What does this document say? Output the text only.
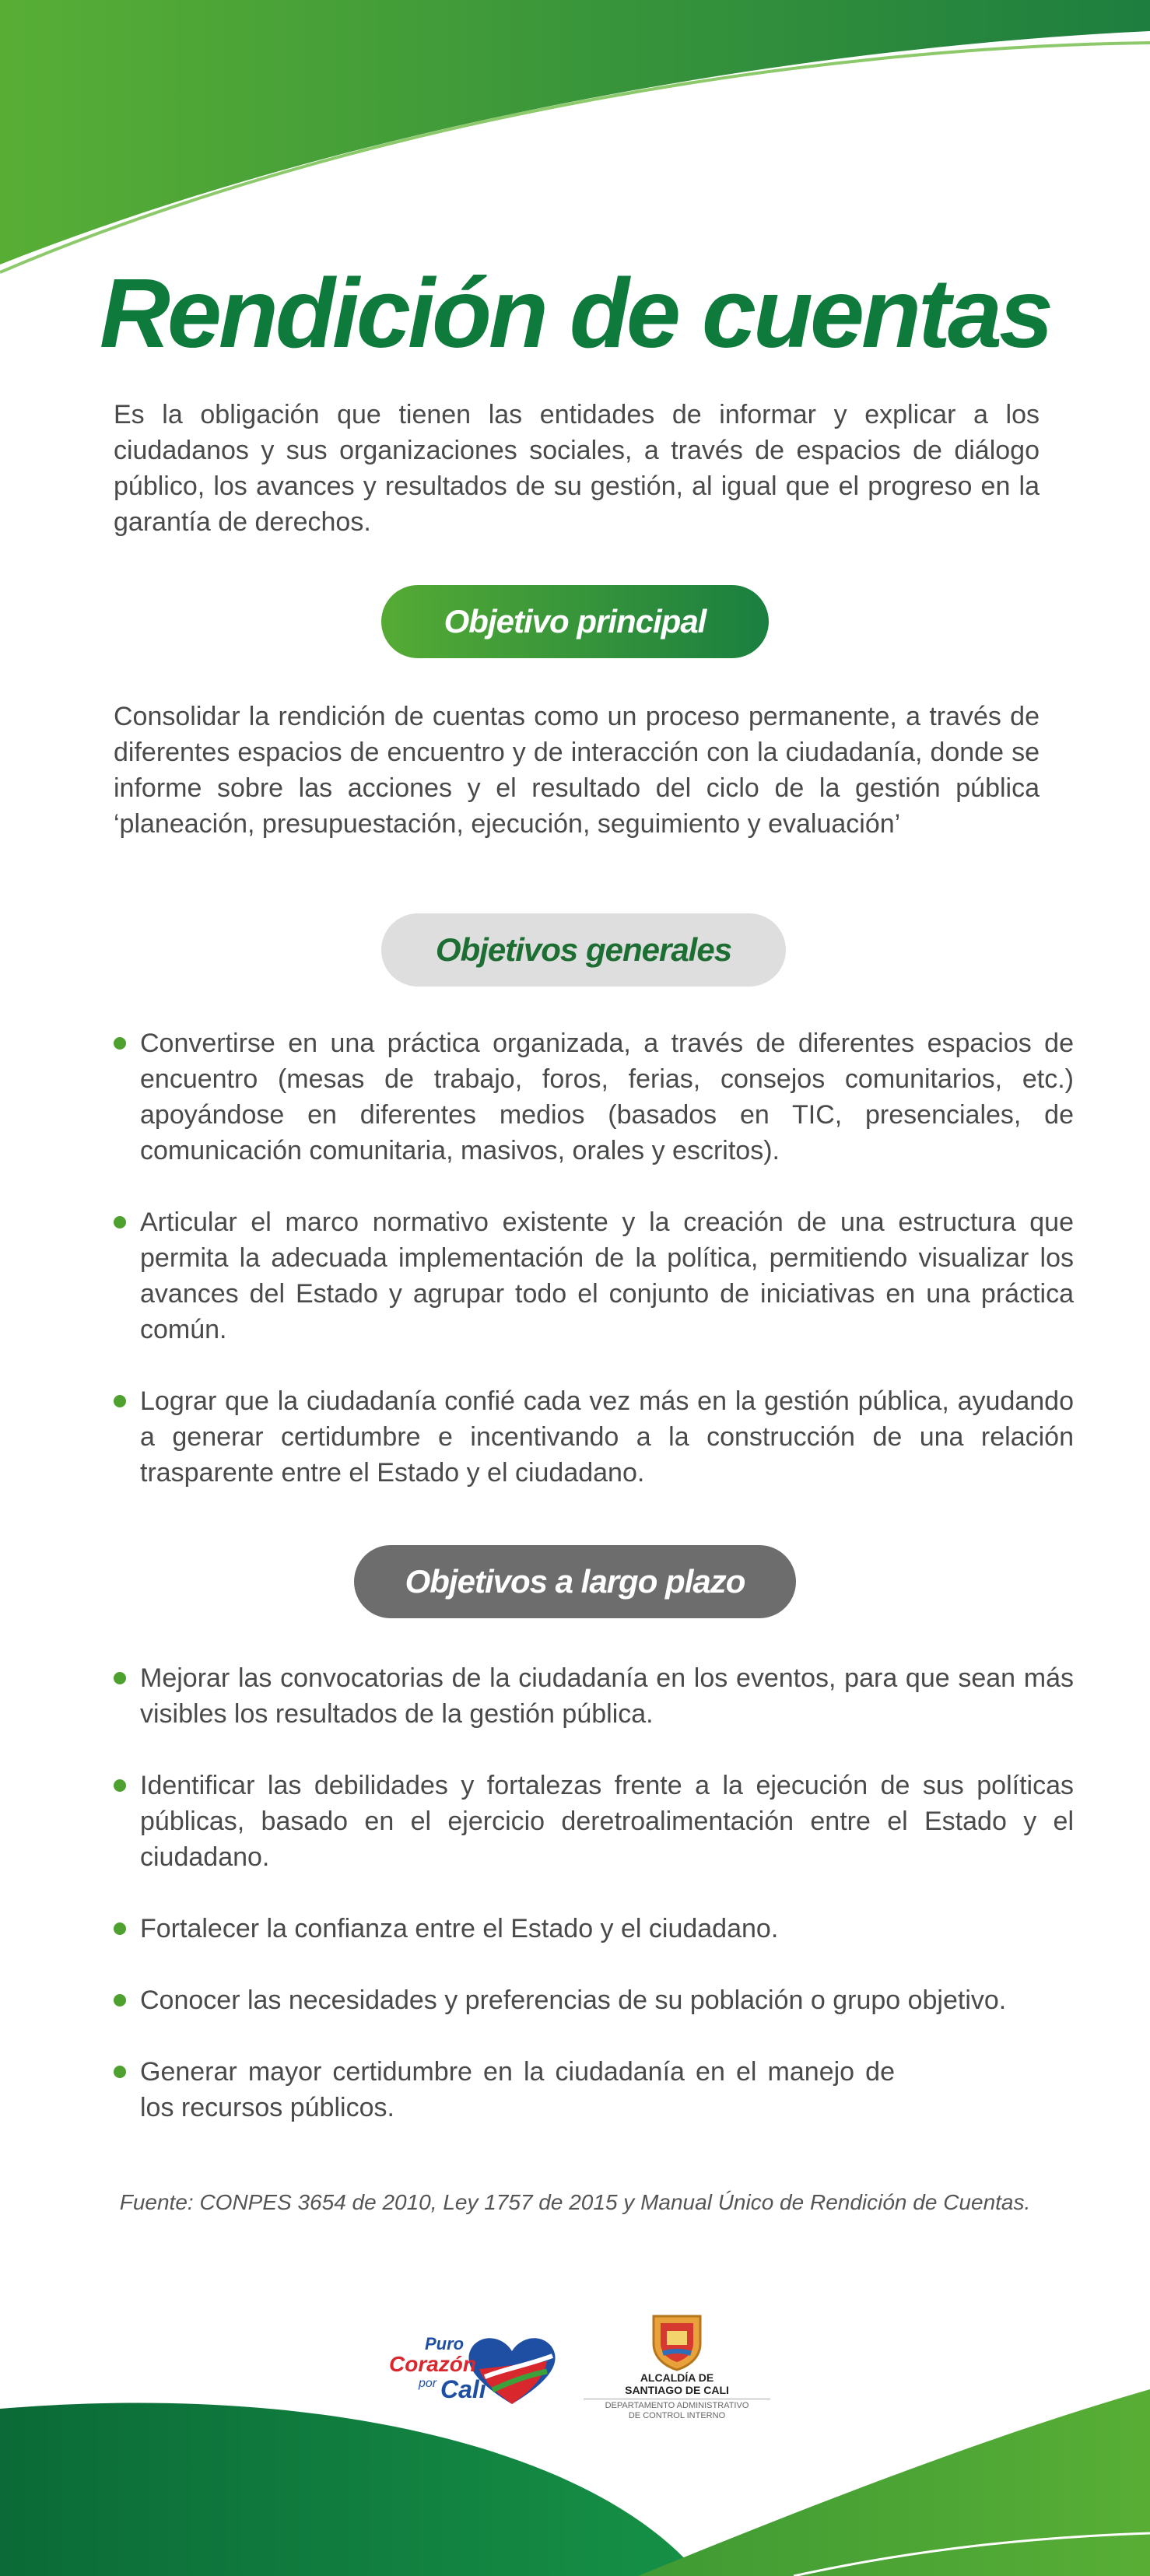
Rendición de cuentas

Es la obligación que tienen las entidades de informar y explicar a los ciudadanos y sus organizaciones sociales, a través de espacios de diálogo público, los avances y resultados de su gestión, al igual que el progreso en la garantía de derechos.

Objetivo principal

Consolidar la rendición de cuentas como un proceso permanente, a través de diferentes espacios de encuentro y de interacción con la ciudadanía, donde se informe sobre las acciones y el resultado del ciclo de la gestión pública ‘planeación, presupuestación, ejecución, seguimiento y evaluación’

Objetivos generales
Convertirse en una práctica organizada, a través de diferentes espacios de encuentro (mesas de trabajo, foros, ferias, consejos comunitarios, etc.) apoyándose en diferentes medios (basados en TIC, presenciales, de comunicación comunitaria, masivos, orales y escritos).
Articular el marco normativo existente y la creación de una estructura que permita la adecuada implementación de la política, permitiendo visualizar los avances del Estado y agrupar todo el conjunto de iniciativas en una práctica común.
Lograr que la ciudadanía confié cada vez más en la gestión pública, ayudando a generar certidumbre e incentivando a la construcción de una relación trasparente entre el Estado y el ciudadano.
Objetivos a largo plazo
Mejorar las convocatorias de la ciudadanía en los eventos, para que sean más visibles los resultados de la gestión pública.
Identificar las debilidades y fortalezas frente a la ejecución de sus políticas públicas, basado en el ejercicio deretroalimentación entre el Estado y el ciudadano.
Fortalecer la confianza entre el Estado y el ciudadano.
Conocer las necesidades y preferencias de su población o grupo objetivo.
Generar mayor certidumbre en la ciudadanía en el manejo de los recursos públicos.
Fuente: CONPES 3654 de 2010, Ley 1757 de 2015 y Manual Único de Rendición de Cuentas.
Puro
Corazón
por Cali	ALCALDÍA DE
SANTIAGO DE CALI
DEPARTAMENTO ADMINISTRATIVO
DE CONTROL INTERNO
